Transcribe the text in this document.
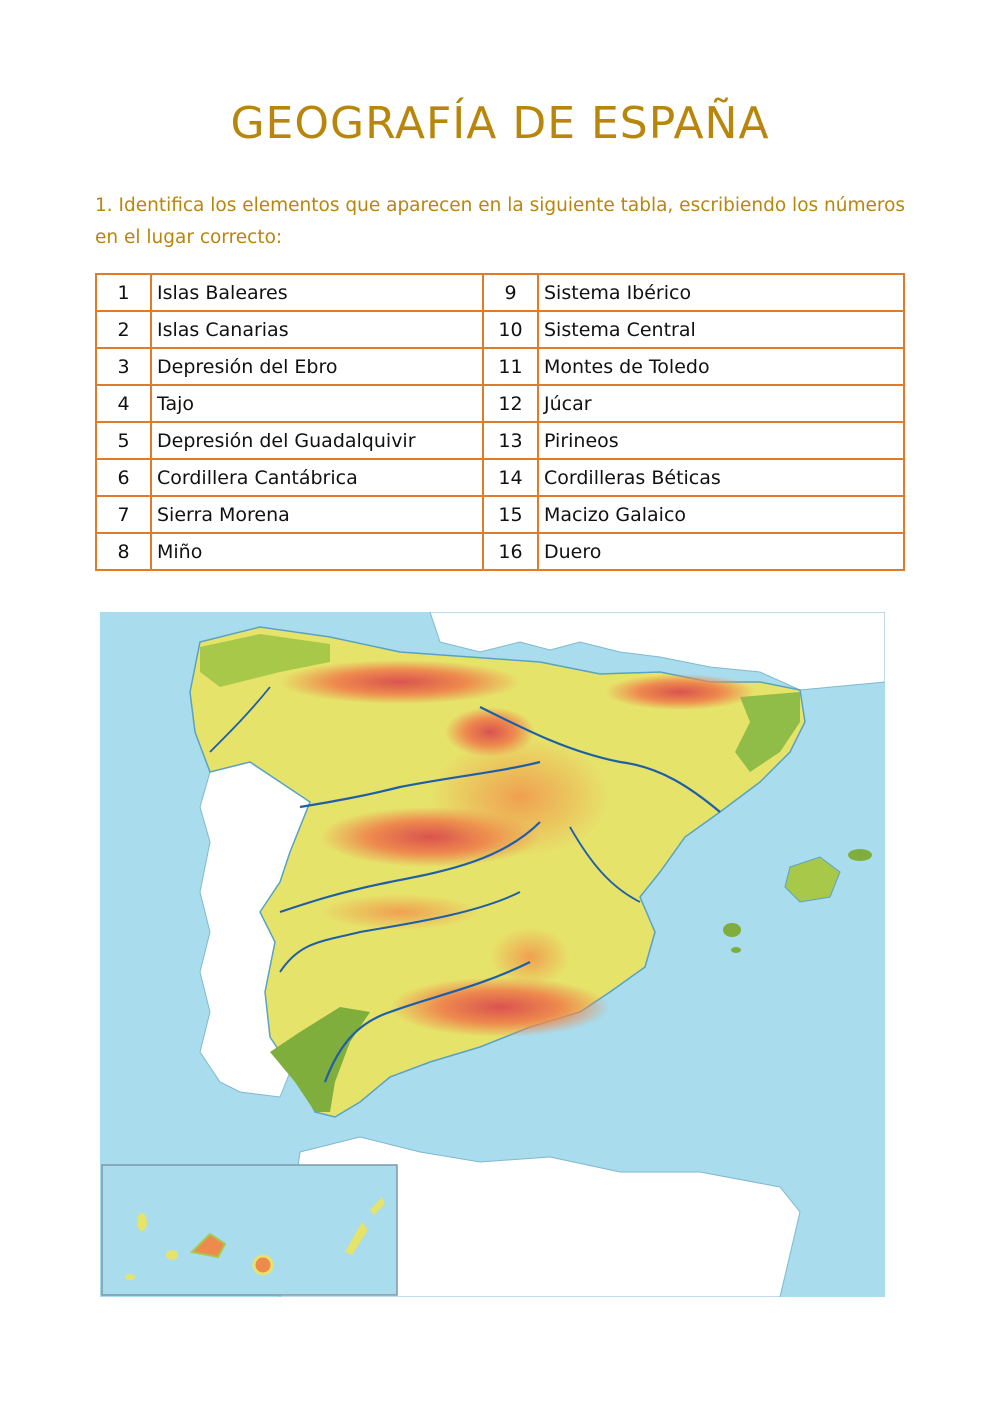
GEOGRAFÍA DE ESPAÑA
1. Identifica los elementos que aparecen en la siguiente tabla, escribiendo los números en el lugar correcto:
1	Islas Baleares	9	Sistema Ibérico
2	Islas Canarias	10	Sistema Central
3	Depresión del Ebro	11	Montes de Toledo
4	Tajo	12	Júcar
5	Depresión del Guadalquivir	13	Pirineos
6	Cordillera Cantábrica	14	Cordilleras Béticas
7	Sierra Morena	15	Macizo Galaico
8	Miño	16	Duero
